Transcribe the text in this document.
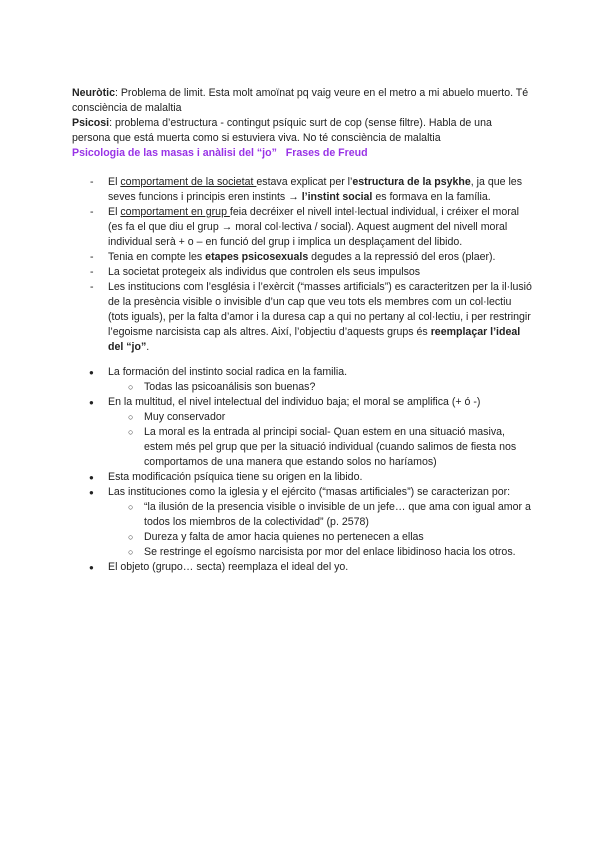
Neuròtic: Problema de limit. Esta molt amoïnat pq vaig veure en el metro a mi abuelo muerto. Té consciència de malaltia

Psicosi: problema d’estructura - contingut psíquic surt de cop (sense filtre). Habla de una persona que está muerta como si estuviera viva. No té consciència de malaltia

Psicologia de las masas i anàlisi del “jo” Frases de Freud

- El comportament de la societat estava explicat per l’estructura de la psykhe, ja que les seves funcions i principis eren instints → l’instint social es formava en la família.
- El comportament en grup feia decréixer el nivell intel·lectual individual, i créixer el moral (es fa el que diu el grup → moral col·lectiva / social). Aquest augment del nivell moral individual serà + o – en funció del grup i implica un desplaçament del libido.
- Tenia en compte les etapes psicosexuals degudes a la repressió del eros (plaer).
- La societat protegeix als individus que controlen els seus impulsos
- Les institucions com l’església i l’exèrcit (“masses artificials”) es caracteritzen per la il·lusió de la presència visible o invisible d’un cap que veu tots els membres com un col·lectiu (tots iguals), per la falta d’amor i la duresa cap a qui no pertany al col·lectiu, i per restringir l’egoisme narcisista cap als altres. Així, l’objectiu d’aquests grups és reemplaçar l’ideal del “jo”.
● La formación del instinto social radica en la familia.
○ Todas las psicoanálisis son buenas?
● En la multitud, el nivel intelectual del individuo baja; el moral se amplifica (+ ó -)
○ Muy conservador
○ La moral es la entrada al principi social- Quan estem en una situació masiva, estem més pel grup que per la situació individual (cuando salimos de fiesta nos comportamos de una manera que estando solos no haríamos)
● Esta modificación psíquica tiene su origen en la libido.
● Las instituciones como la iglesia y el ejército (“masas artificiales”) se caracterizan por:
○ “la ilusión de la presencia visible o invisible de un jefe… que ama con igual amor a todos los miembros de la colectividad” (p. 2578)
○ Dureza y falta de amor hacia quienes no pertenecen a ellas
○ Se restringe el egoísmo narcisista por mor del enlace libidinoso hacia los otros.
● El objeto (grupo… secta) reemplaza el ideal del yo.
